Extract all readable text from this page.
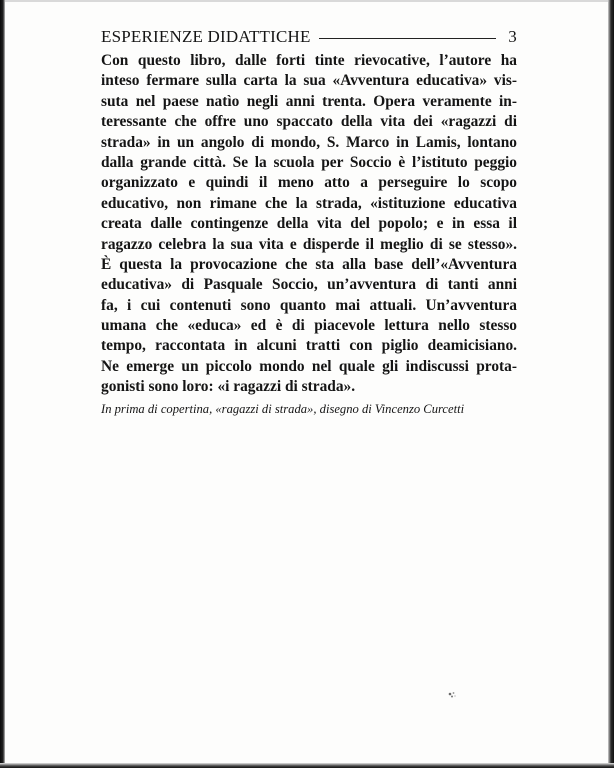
ESPERIENZE DIDATTICHE	3
Con questo libro, dalle forti tinte rievocative, l’autore ha
inteso fermare sulla carta la sua «Avventura educativa» vis-
suta nel paese natìo negli anni trenta. Opera veramente in-
teressante che offre uno spaccato della vita dei «ragazzi di
strada» in un angolo di mondo, S. Marco in Lamis, lontano
dalla grande città. Se la scuola per Soccio è l’istituto peggio
organizzato e quindi il meno atto a perseguire lo scopo
educativo, non rimane che la strada, «istituzione educativa
creata dalle contingenze della vita del popolo; e in essa il
ragazzo celebra la sua vita e disperde il meglio di se stesso».
È questa la provocazione che sta alla base dell’«Avventura
educativa» di Pasquale Soccio, un’avventura di tanti anni
fa, i cui contenuti sono quanto mai attuali. Un’avventura
umana che «educa» ed è di piacevole lettura nello stesso
tempo, raccontata in alcuni tratti con piglio deamicisiano.
Ne emerge un piccolo mondo nel quale gli indiscussi prota-
gonisti sono loro: «i ragazzi di strada».
In prima di copertina, «ragazzi di strada», disegno di Vincenzo Curcetti
